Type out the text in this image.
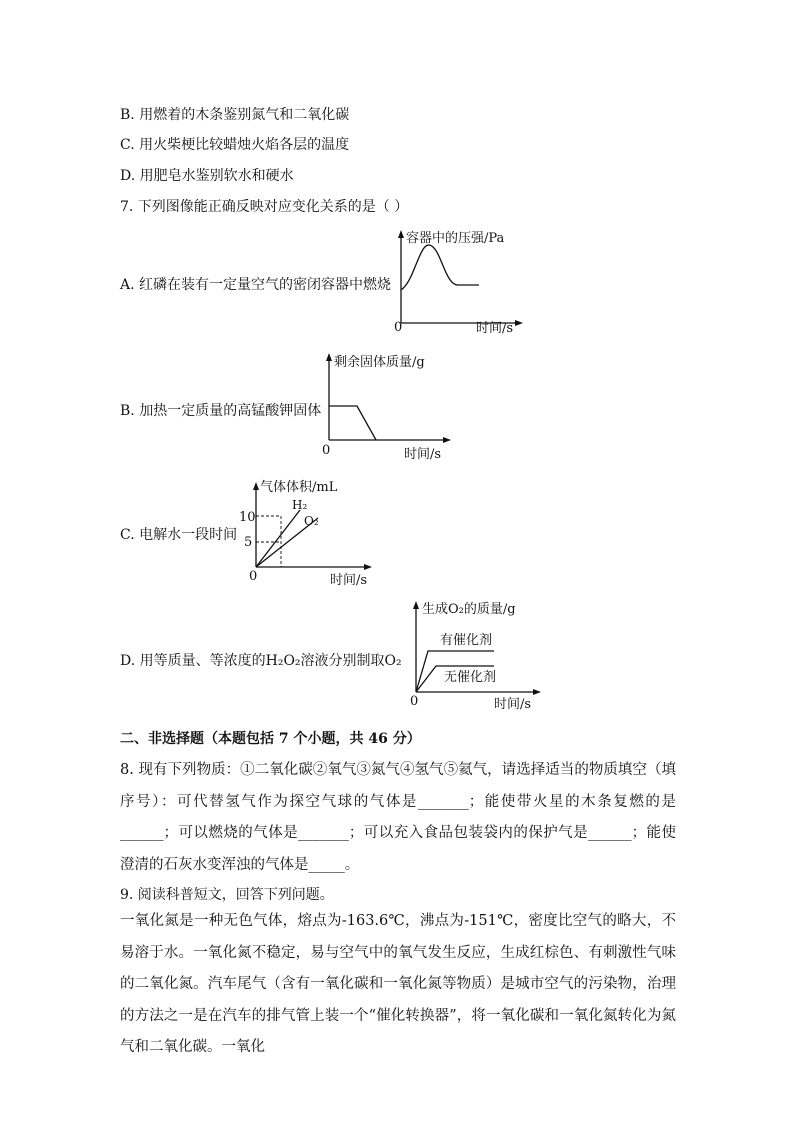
B. 用燃着的木条鉴别氮气和二氧化碳
C. 用火柴梗比较蜡烛火焰各层的温度
D. 用肥皂水鉴别软水和硬水
7. 下列图像能正确反映对应变化关系的是（ ）
A. 红磷在装有一定量空气的密闭容器中燃烧
容器中的压强/Pa
0	时间/s
B. 加热一定质量的高锰酸钾固体
剩余固体质量/g
0	时间/s
C. 电解水一段时间
气体体积/mL
10
5
H₂
O₂
0	时间/s
D. 用等质量、等浓度的H₂O₂溶液分别制取O₂
生成O₂的质量/g
有催化剂
无催化剂
0	时间/s
二、非选择题（本题包括 7 个小题，共 46 分）
8. 现有下列物质：①二氧化碳②氧气③氮气④氢气⑤氦气，请选择适当的物质填空（填序号）：可代替氢气作为探空气球的气体是_______；能使带火星的木条复燃的是______；可以燃烧的气体是_______；可以充入食品包装袋内的保护气是______；能使澄清的石灰水变浑浊的气体是_____。
9. 阅读科普短文，回答下列问题。
一氧化氮是一种无色气体，熔点为-163.6℃，沸点为-151℃，密度比空气的略大，不易溶于水。一氧化氮不稳定，易与空气中的氧气发生反应，生成红棕色、有刺激性气味的二氧化氮。汽车尾气（含有一氧化碳和一氧化氮等物质）是城市空气的污染物，治理的方法之一是在汽车的排气管上装一个“催化转换器”，将一氧化碳和一氧化氮转化为氮气和二氧化碳。一氧化
